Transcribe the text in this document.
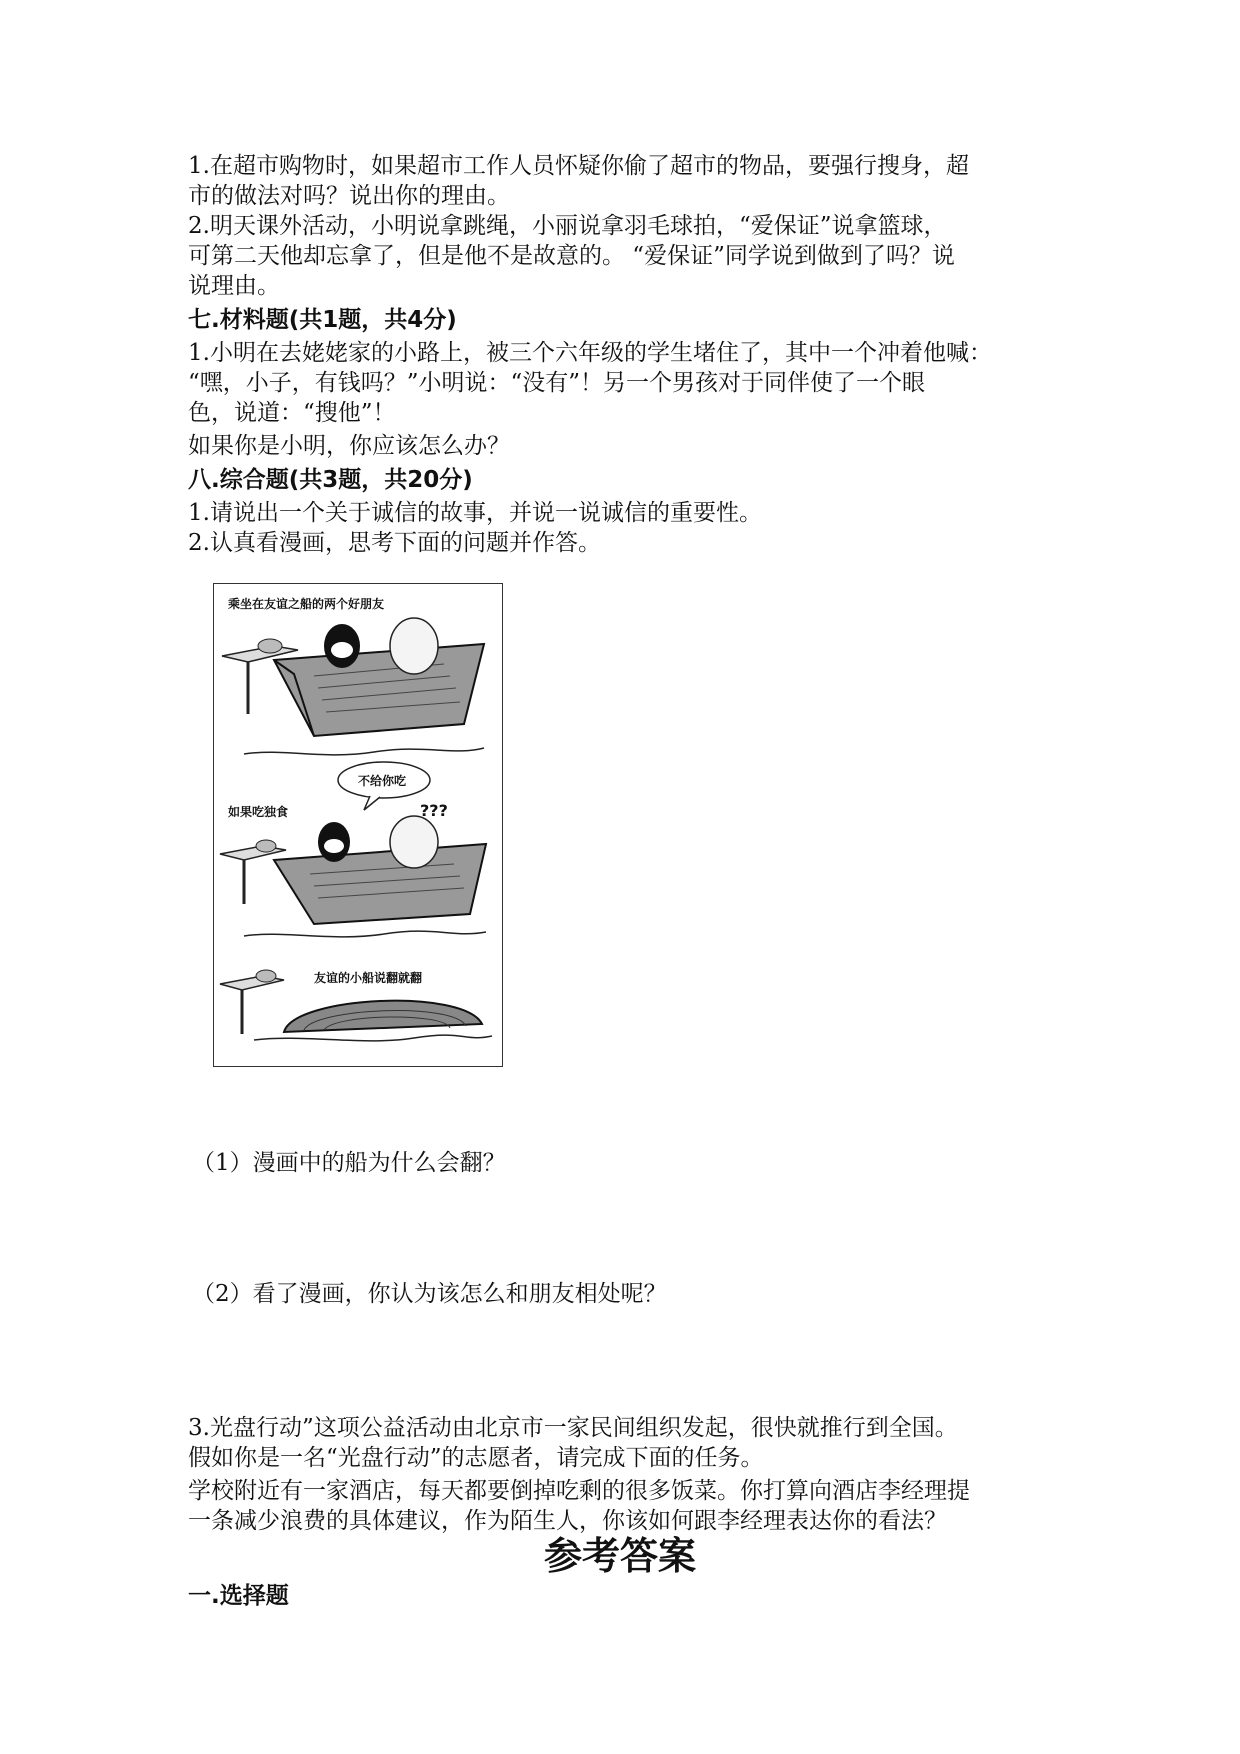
1.在超市购物时，如果超市工作人员怀疑你偷了超市的物品，要强行搜身，超

市的做法对吗？说出你的理由。

2.明天课外活动，小明说拿跳绳，小丽说拿羽毛球拍，“爱保证”说拿篮球，

可第二天他却忘拿了，但是他不是故意的。 “爱保证”同学说到做到了吗？说

说理由。

七.材料题(共1题，共4分)

1.小明在去姥姥家的小路上，被三个六年级的学生堵住了，其中一个冲着他喊：

“嘿，小子，有钱吗？”小明说：“没有”！另一个男孩对于同伴使了一个眼

色，说道：“搜他”！

如果你是小明，你应该怎么办？

八.综合题(共3题，共20分)

1.请说出一个关于诚信的故事，并说一说诚信的重要性。

2.认真看漫画，思考下面的问题并作答。

乘坐在友谊之船的两个好朋友
不给你吃
如果吃独食	???
友谊的小船说翻就翻

（1）漫画中的船为什么会翻？

（2）看了漫画，你认为该怎么和朋友相处呢？

3.光盘行动”这项公益活动由北京市一家民间组织发起，很快就推行到全国。

假如你是一名“光盘行动”的志愿者，请完成下面的任务。

学校附近有一家酒店，每天都要倒掉吃剩的很多饭菜。你打算向酒店李经理提

一条减少浪费的具体建议，作为陌生人，你该如何跟李经理表达你的看法？

参考答案

一.选择题
